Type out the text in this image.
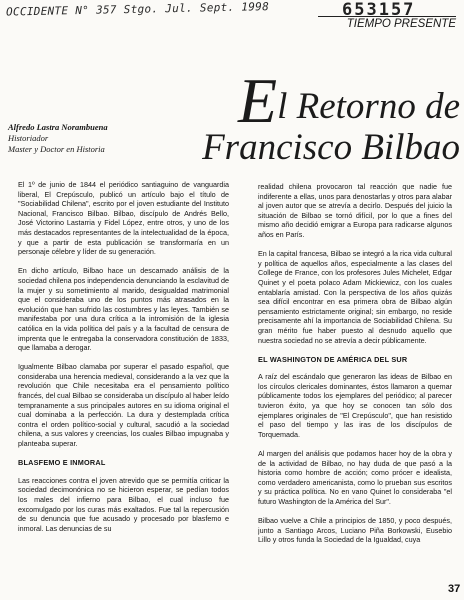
OCCIDENTE N° 357 Stgo. Jul. Sept. 1998	653157
TIEMPO PRESENTE
El Retorno de
Francisco Bilbao
Alfredo Lastra Norambuena
Historiador
Master y Doctor en Historia

El 1º de junio de 1844 el periódico santiaguino de vanguardia liberal, El Crepúsculo, publicó un artículo bajo el título de "Sociabilidad Chilena", escrito por el joven estudiante del Instituto Nacional, Francisco Bilbao. Bilbao, discípulo de Andrés Bello, José Victorino Lastarria y Fidel López, entre otros, y uno de los más destacados representantes de la intelectualidad de la época, y que a partir de esta publicación se transformaría en un personaje célebre y líder de su generación.

En dicho artículo, Bilbao hace un descarnado análisis de la sociedad chilena pos independencia denunciando la esclavitud de la mujer y su sometimiento al marido, desigualdad matrimonial que el consideraba uno de los puntos más atrasados en la evolución que han sufrido las costumbres y las leyes. También se manifestaba por una dura crítica a la intromisión de la iglesia católica en la vida política del país y a la facultad de censura de imprenta que le entregaba la conservadora constitución de 1833, que llamaba a derogar.

Igualmente Bilbao clamaba por superar el pasado español, que consideraba una herencia medieval, considerando a la vez que la revolución que Chile necesitaba era el pensamiento político francés, del cual Bilbao se consideraba un discípulo al haber leído tempranamente a sus principales autores en su idioma original el cual dominaba a la perfección. La dura y destemplada crítica contra el orden político-social y cultural, sacudió a la sociedad chilena, a sus valores y creencias, los cuales Bilbao impugnaba y planteaba superar.

BLASFEMO E INMORAL

Las reacciones contra el joven atrevido que se permitía criticar la sociedad decimonónica no se hicieron esperar, se pedían todos los males del infierno para Bilbao, el cual incluso fue excomulgado por los curas más exaltados. Fue tal la repercusión de su denuncia que fue acusado y procesado por blasfemo e inmoral. Las denuncias de su

realidad chilena provocaron tal reacción que nadie fue indiferente a ellas, unos para denostarlas y otros para alabar al joven autor que se atrevía a decirlo. Después del juicio la situación de Bilbao se tornó difícil, por lo que a fines del mismo año decidió emigrar a Europa para radicarse algunos años en París.

En la capital francesa, Bilbao se integró a la rica vida cultural y política de aquellos años, especialmente a las clases del College de France, con los profesores Jules Michelet, Edgar Quinet y el poeta polaco Adam Mickiewicz, con los cuales entablaría amistad. Con la perspectiva de los años quizás sea difícil encontrar en esa primera obra de Bilbao algún pensamiento estrictamente original; sin embargo, no reside precisamente ahí la importancia de Sociabilidad Chilena. Su gran mérito fue haber puesto al desnudo aquello que nuestra sociedad no se atrevía a decir públicamente.

EL WASHINGTON DE AMÉRICA DEL SUR

A raíz del escándalo que generaron las ideas de Bilbao en los círculos clericales dominantes, éstos llamaron a quemar públicamente todos los ejemplares del periódico; al parecer tuvieron éxito, ya que hoy se conocen tan sólo dos ejemplares originales de "El Crepúsculo", que han resistido el paso del tiempo y las iras de los discípulos de Torquemada.

Al margen del análisis que podamos hacer hoy de la obra y de la actividad de Bilbao, no hay duda de que pasó a la historia como hombre de acción; como prócer e idealista, como verdadero americanista, como lo prueban sus escritos y su práctica política. No en vano Quinet lo consideraba "el futuro Washington de la América del Sur".

Bilbao vuelve a Chile a principios de 1850, y poco después, junto a Santiago Arcos, Luciano Piña Borkowski, Eusebio Lillo y otros funda la Sociedad de la Igualdad, cuya

37
